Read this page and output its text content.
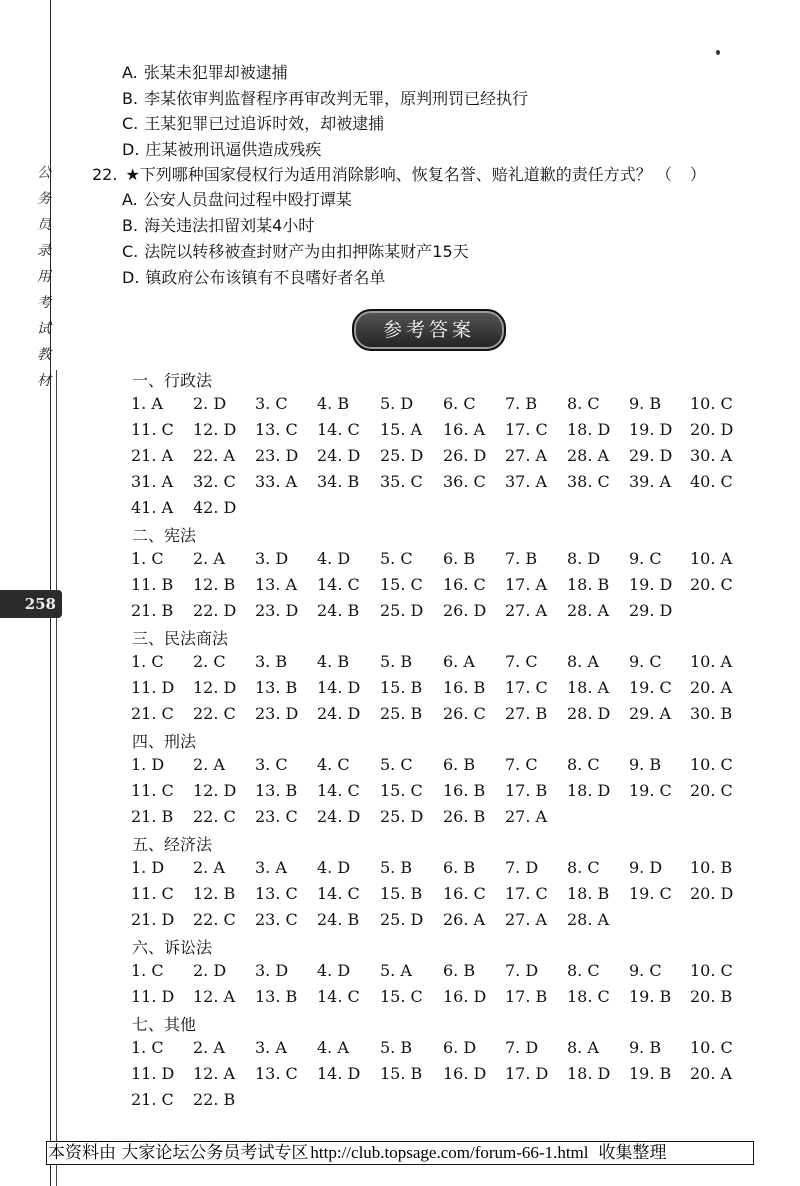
公
务
员
录
用
考
试
教
材
258
A. 张某未犯罪却被逮捕
B. 李某依审判监督程序再审改判无罪，原判刑罚已经执行
C. 王某犯罪已过追诉时效，却被逮捕
D. 庄某被刑讯逼供造成残疾
22. ★下列哪种国家侵权行为适用消除影响、恢复名誉、赔礼道歉的责任方式？ （）
A. 公安人员盘问过程中殴打谭某
B. 海关违法扣留刘某4小时
C. 法院以转移被查封财产为由扣押陈某财产15天
D. 镇政府公布该镇有不良嗜好者名单
参考答案
一、行政法
1. A 2. D 3. C 4. B 5. D 6. C 7. B 8. C 9. B 10. C
11. C 12. D 13. C 14. C 15. A 16. A 17. C 18. D 19. D 20. D
21. A 22. A 23. D 24. D 25. D 26. D 27. A 28. A 29. D 30. A
31. A 32. C 33. A 34. B 35. C 36. C 37. A 38. C 39. A 40. C
41. A 42. D
二、宪法
1. C 2. A 3. D 4. D 5. C 6. B 7. B 8. D 9. C 10. A
11. B 12. B 13. A 14. C 15. C 16. C 17. A 18. B 19. D 20. C
21. B 22. D 23. D 24. B 25. D 26. D 27. A 28. A 29. D
三、民法商法
1. C 2. C 3. B 4. B 5. B 6. A 7. C 8. A 9. C 10. A
11. D 12. D 13. B 14. D 15. B 16. B 17. C 18. A 19. C 20. A
21. C 22. C 23. D 24. D 25. B 26. C 27. B 28. D 29. A 30. B
四、刑法
1. D 2. A 3. C 4. C 5. C 6. B 7. C 8. C 9. B 10. C
11. C 12. D 13. B 14. C 15. C 16. B 17. B 18. D 19. C 20. C
21. B 22. C 23. C 24. D 25. D 26. B 27. A
五、经济法
1. D 2. A 3. A 4. D 5. B 6. B 7. D 8. C 9. D 10. B
11. C 12. B 13. C 14. C 15. B 16. C 17. C 18. B 19. C 20. D
21. D 22. C 23. C 24. B 25. D 26. A 27. A 28. A
六、诉讼法
1. C 2. D 3. D 4. D 5. A 6. B 7. D 8. C 9. C 10. C
11. D 12. A 13. B 14. C 15. C 16. D 17. B 18. C 19. B 20. B
七、其他
1. C 2. A 3. A 4. A 5. B 6. D 7. D 8. A 9. B 10. C
11. D 12. A 13. C 14. D 15. B 16. D 17. D 18. D 19. B 20. A
21. C 22. B
本资料由 大家论坛公务员考试专区 http://club.topsage.com/forum-66-1.html 收集整理
